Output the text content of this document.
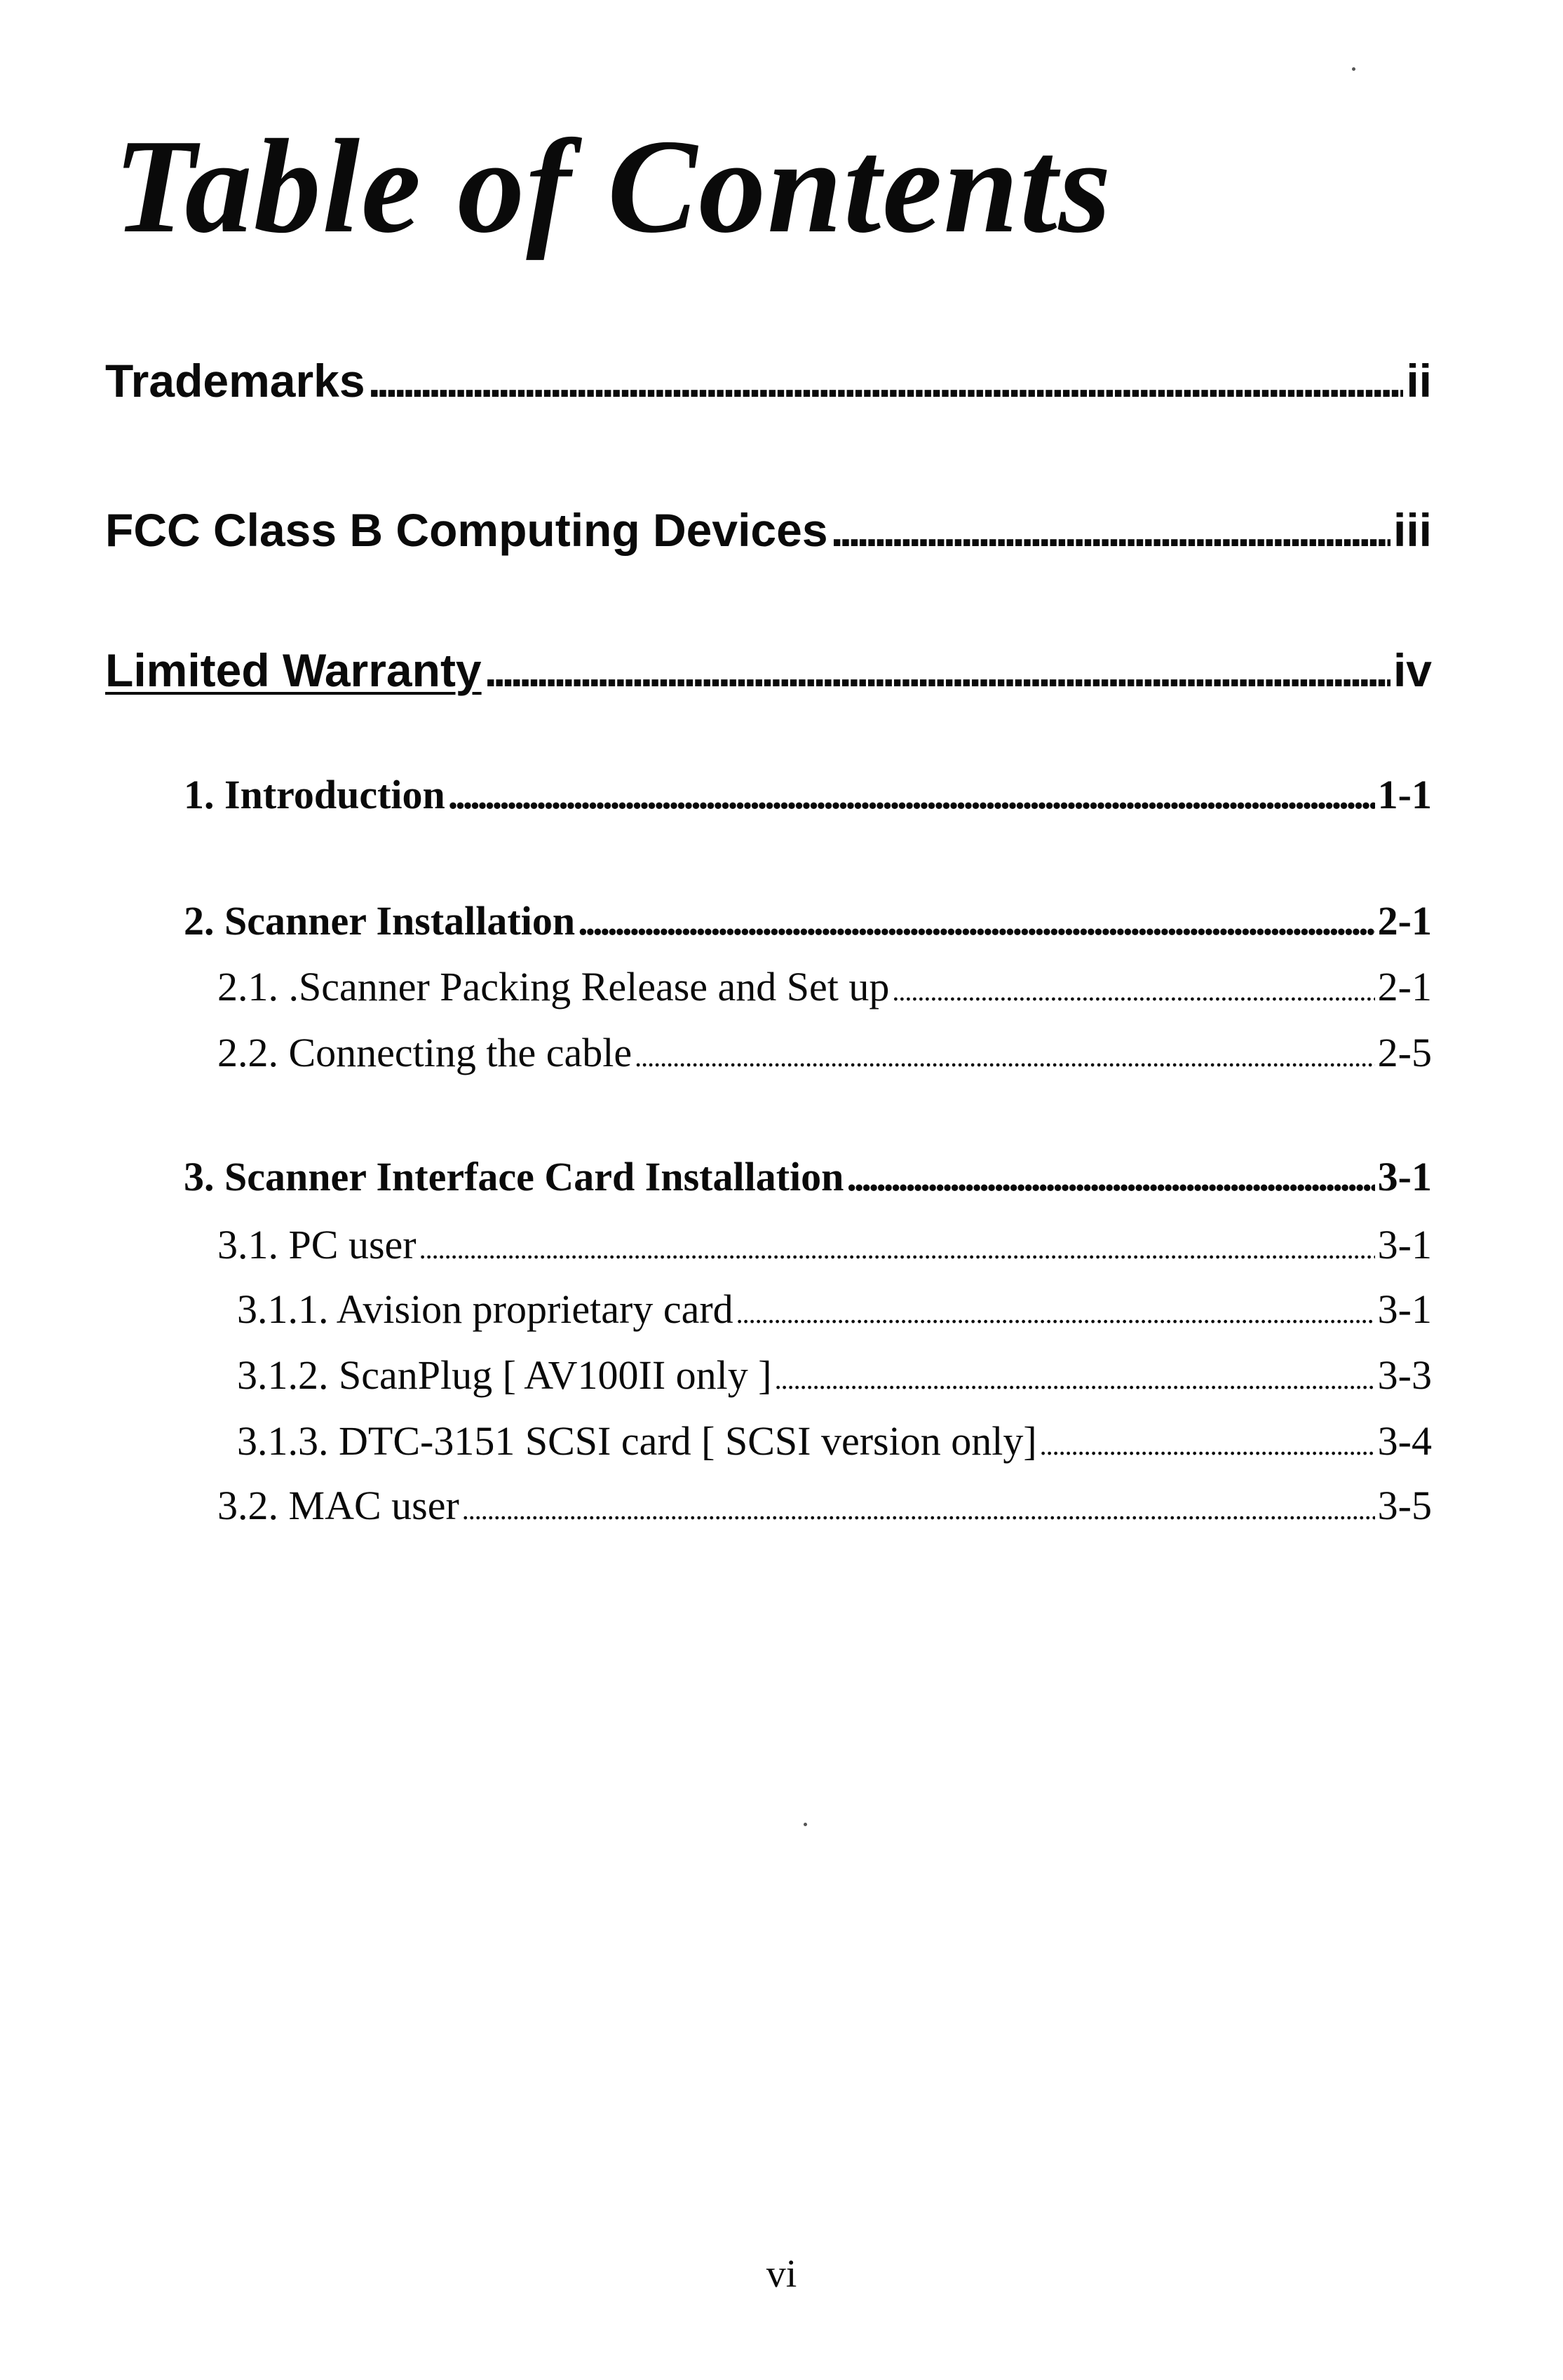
Table of Contents
Trademarks .....	ii
FCC Class B Computing Devices .....	iii
Limited Warranty .....	iv
1. Introduction .....	1-1
2. Scanner Installation .....	2-1
2.1. .Scanner Packing Release and Set up .....	2-1
2.2. Connecting the cable .....	2-5
3. Scanner Interface Card Installation .....	3-1
3.1. PC user .....	3-1
3.1.1. Avision proprietary card .....	3-1
3.1.2. ScanPlug [ AV100II only ] .....	3-3
3.1.3. DTC-3151 SCSI card [ SCSI version only] .....	3-4
3.2. MAC user .....	3-5
vi
